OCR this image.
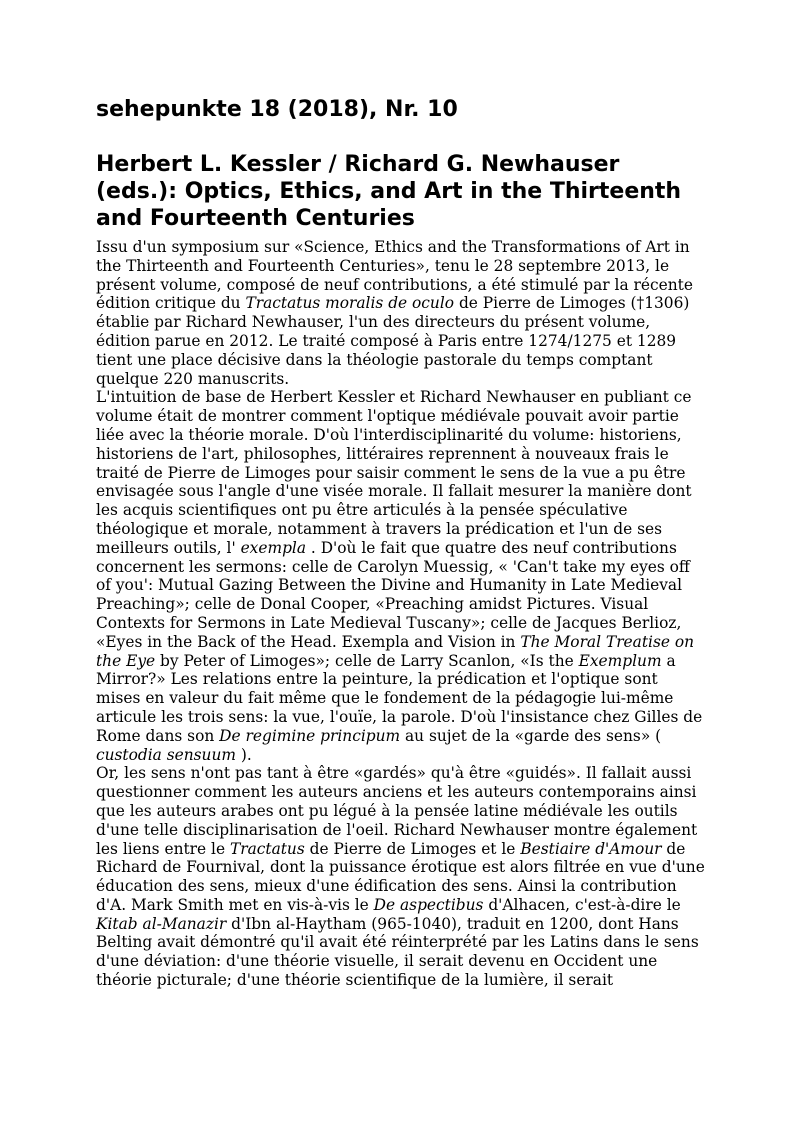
sehepunkte 18 (2018), Nr. 10
Herbert L. Kessler / Richard G. Newhauser (eds.): Optics, Ethics, and Art in the Thirteenth and Fourteenth Centuries

Issu d'un symposium sur «Science, Ethics and the Transformations of Art in the Thirteenth and Fourteenth Centuries», tenu le 28 septembre 2013, le présent volume, composé de neuf contributions, a été stimulé par la récente édition critique du Tractatus moralis de oculo de Pierre de Limoges (†1306) établie par Richard Newhauser, l'un des directeurs du présent volume, édition parue en 2012. Le traité composé à Paris entre 1274/1275 et 1289 tient une place décisive dans la théologie pastorale du temps comptant quelque 220 manuscrits.

L'intuition de base de Herbert Kessler et Richard Newhauser en publiant ce volume était de montrer comment l'optique médiévale pouvait avoir partie liée avec la théorie morale. D'où l'interdisciplinarité du volume: historiens, historiens de l'art, philosophes, littéraires reprennent à nouveaux frais le traité de Pierre de Limoges pour saisir comment le sens de la vue a pu être envisagée sous l'angle d'une visée morale. Il fallait mesurer la manière dont les acquis scientifiques ont pu être articulés à la pensée spéculative théologique et morale, notamment à travers la prédication et l'un de ses meilleurs outils, l' exempla . D'où le fait que quatre des neuf contributions concernent les sermons: celle de Carolyn Muessig, « 'Can't take my eyes off of you': Mutual Gazing Between the Divine and Humanity in Late Medieval Preaching»; celle de Donal Cooper, «Preaching amidst Pictures. Visual Contexts for Sermons in Late Medieval Tuscany»; celle de Jacques Berlioz, «Eyes in the Back of the Head. Exempla and Vision in The Moral Treatise on the Eye by Peter of Limoges»; celle de Larry Scanlon, «Is the Exemplum a Mirror?» Les relations entre la peinture, la prédication et l'optique sont mises en valeur du fait même que le fondement de la pédagogie lui-même articule les trois sens: la vue, l'ouïe, la parole. D'où l'insistance chez Gilles de Rome dans son De regimine principum au sujet de la «garde des sens» ( custodia sensuum ).

Or, les sens n'ont pas tant à être «gardés» qu'à être «guidés». Il fallait aussi questionner comment les auteurs anciens et les auteurs contemporains ainsi que les auteurs arabes ont pu légué à la pensée latine médiévale les outils d'une telle disciplinarisation de l'oeil. Richard Newhauser montre également les liens entre le Tractatus de Pierre de Limoges et le Bestiaire d'Amour de Richard de Fournival, dont la puissance érotique est alors filtrée en vue d'une éducation des sens, mieux d'une édification des sens. Ainsi la contribution d'A. Mark Smith met en vis-à-vis le De aspectibus d'Alhacen, c'est-à-dire le Kitab al-Manazir d'Ibn al-Haytham (965-1040), traduit en 1200, dont Hans Belting avait démontré qu'il avait été réinterprété par les Latins dans le sens d'une déviation: d'une théorie visuelle, il serait devenu en Occident une théorie picturale; d'une théorie scientifique de la lumière, il serait
